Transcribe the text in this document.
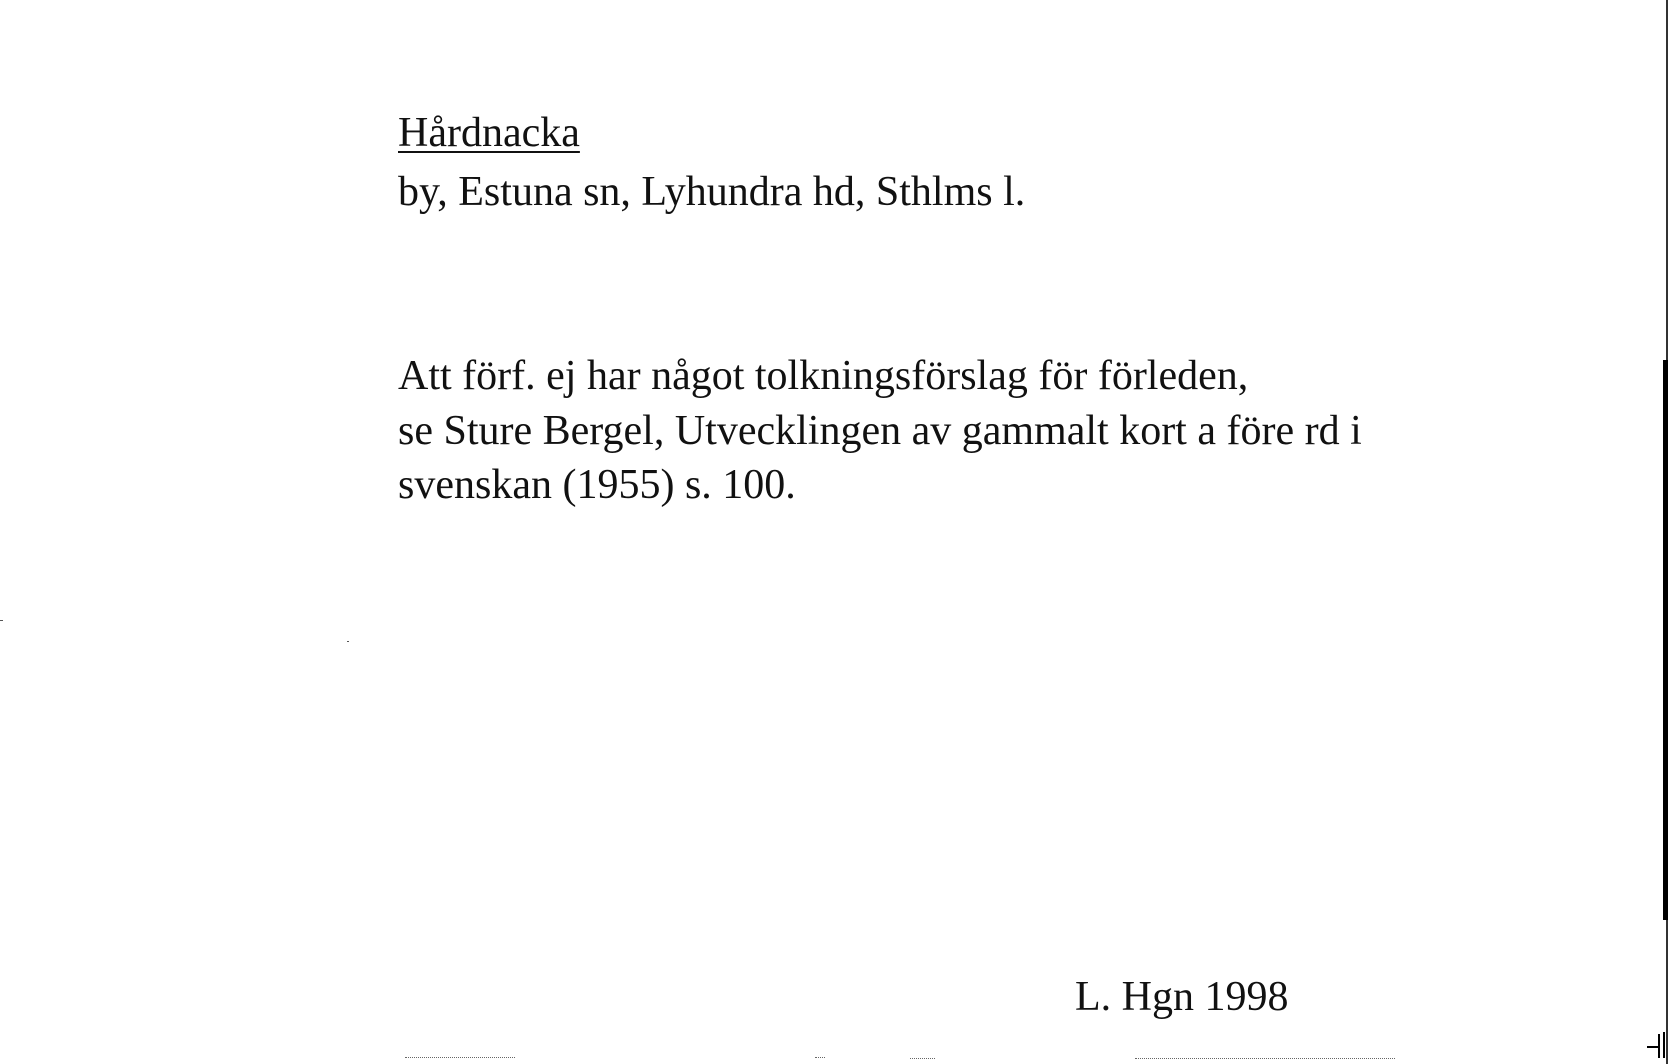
Hårdnacka

by, Estuna sn, Lyhundra hd, Sthlms l.

Att förf. ej har något tolkningsförslag för förleden,

se Sture Bergel, Utvecklingen av gammalt kort a före rd i

svenskan (1955) s. 100.

L. Hgn 1998
